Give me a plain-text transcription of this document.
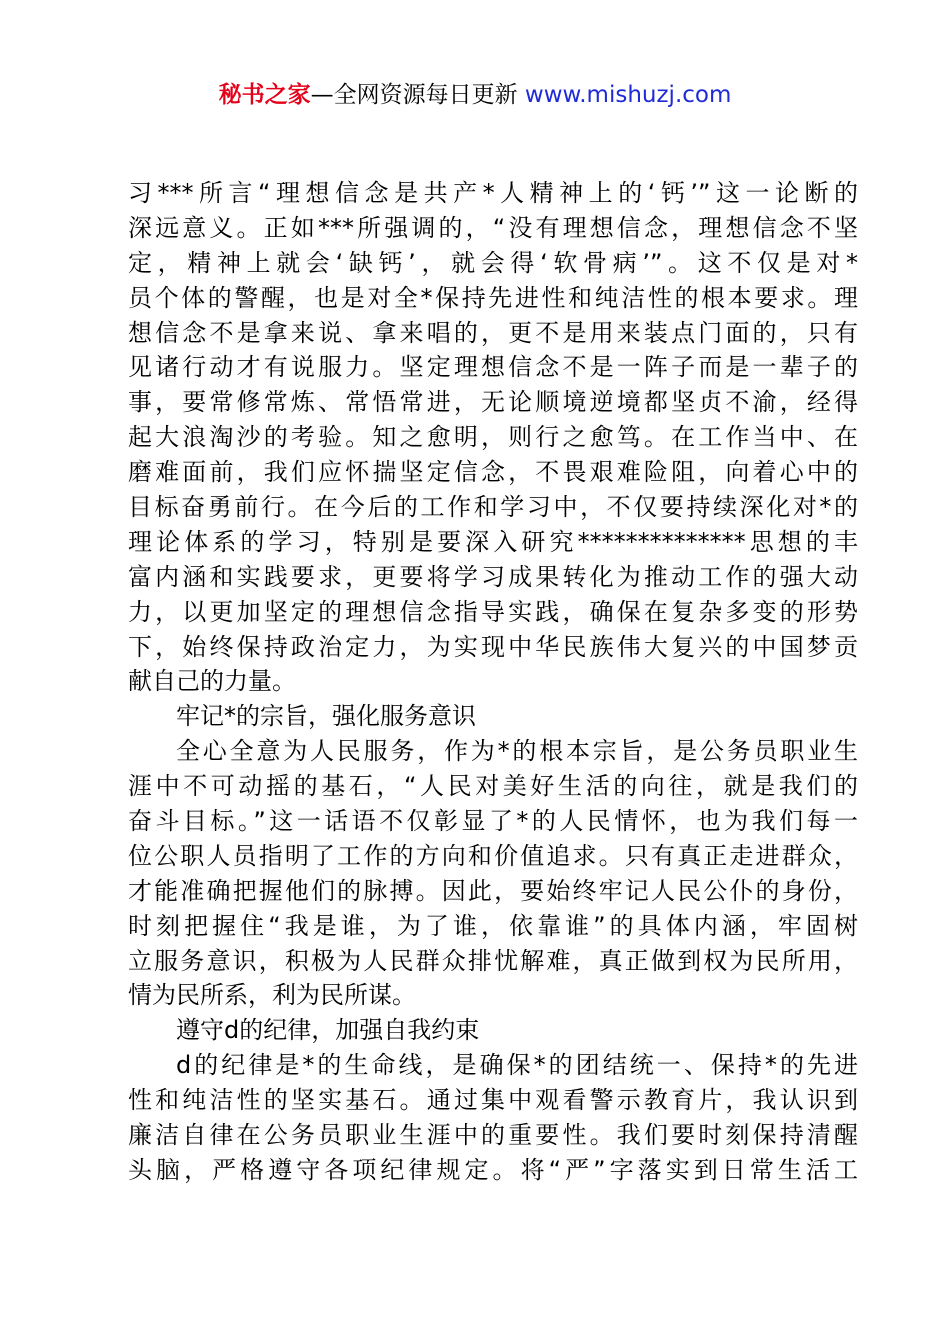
秘书之家—全网资源每日更新 www.mishuzj.com
习***所言“理想信念是共产*人精神上的‘钙’”这一论断的
深远意义。正如***所强调的，“没有理想信念，理想信念不坚
定，精神上就会‘缺钙’，就会得‘软骨病’”。这不仅是对*
员个体的警醒，也是对全*保持先进性和纯洁性的根本要求。理
想信念不是拿来说、拿来唱的，更不是用来装点门面的，只有
见诸行动才有说服力。坚定理想信念不是一阵子而是一辈子的
事，要常修常炼、常悟常进，无论顺境逆境都坚贞不渝，经得
起大浪淘沙的考验。知之愈明，则行之愈笃。在工作当中、在
磨难面前，我们应怀揣坚定信念，不畏艰难险阻，向着心中的
目标奋勇前行。在今后的工作和学习中，不仅要持续深化对*的
理论体系的学习，特别是要深入研究**************思想的丰
富内涵和实践要求，更要将学习成果转化为推动工作的强大动
力，以更加坚定的理想信念指导实践，确保在复杂多变的形势
下，始终保持政治定力，为实现中华民族伟大复兴的中国梦贡
献自己的力量。
牢记*的宗旨，强化服务意识
全心全意为人民服务，作为*的根本宗旨，是公务员职业生
涯中不可动摇的基石，“人民对美好生活的向往，就是我们的
奋斗目标。”这一话语不仅彰显了*的人民情怀，也为我们每一
位公职人员指明了工作的方向和价值追求。只有真正走进群众，
才能准确把握他们的脉搏。因此，要始终牢记人民公仆的身份，
时刻把握住“我是谁，为了谁，依靠谁”的具体内涵，牢固树
立服务意识，积极为人民群众排忧解难，真正做到权为民所用，
情为民所系，利为民所谋。
遵守d的纪律，加强自我约束
d的纪律是*的生命线，是确保*的团结统一、保持*的先进
性和纯洁性的坚实基石。通过集中观看警示教育片，我认识到
廉洁自律在公务员职业生涯中的重要性。我们要时刻保持清醒
头脑，严格遵守各项纪律规定。将“严”字落实到日常生活工
